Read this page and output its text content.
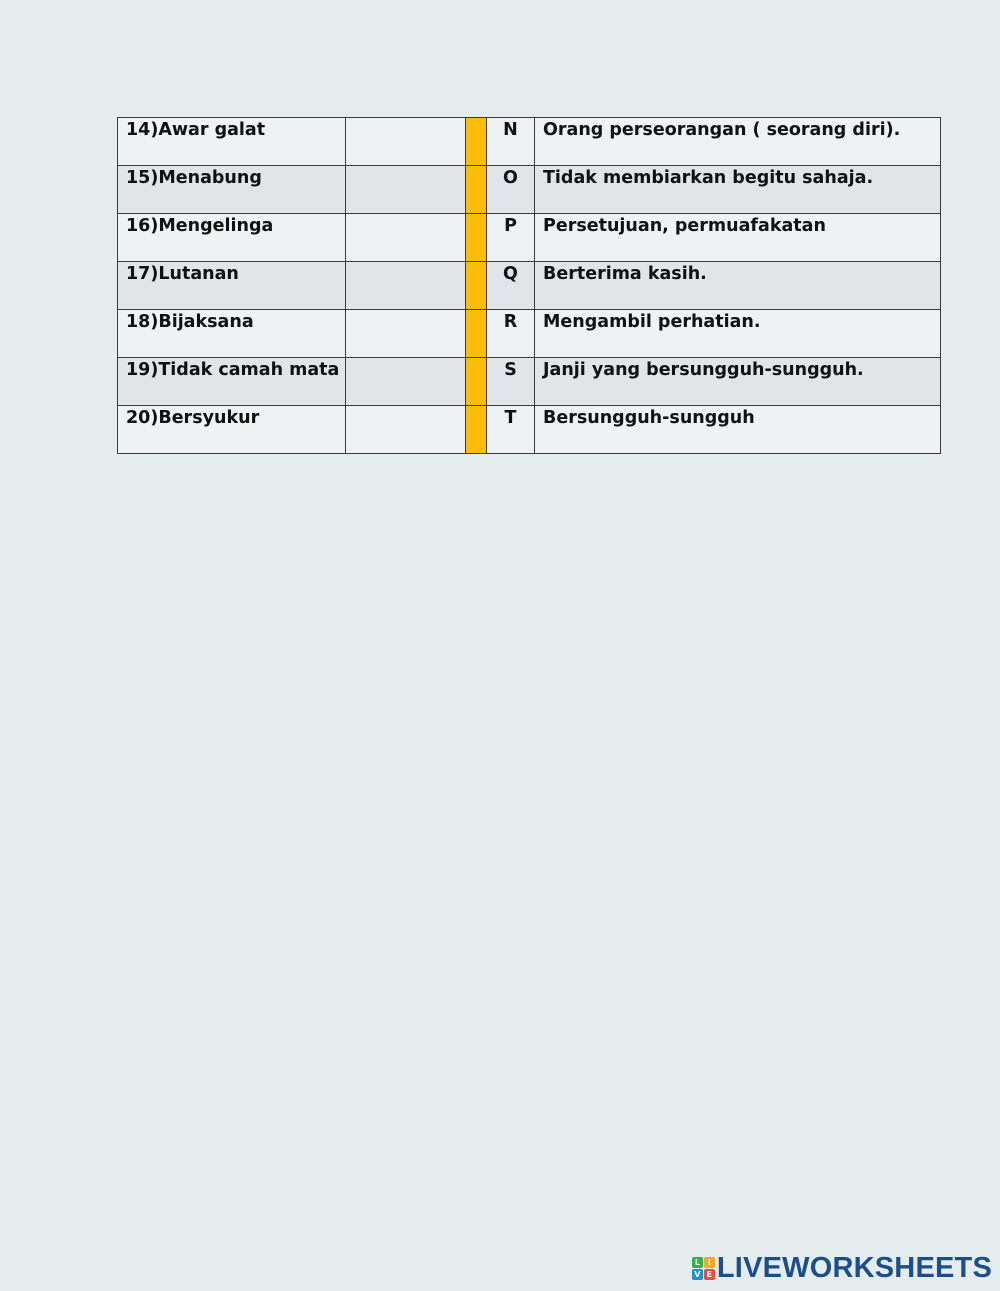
14)Awar galat			N	Orang perseorangan ( seorang diri).
15)Menabung			O	Tidak membiarkan begitu sahaja.
16)Mengelinga			P	Persetujuan, permuafakatan
17)Lutanan			Q	Berterima kasih.
18)Bijaksana			R	Mengambil perhatian.
19)Tidak camah mata			S	Janji yang bersungguh-sungguh.
20)Bersyukur			T	Bersungguh-sungguh
L I
V E LIVEWORKSHEETS
